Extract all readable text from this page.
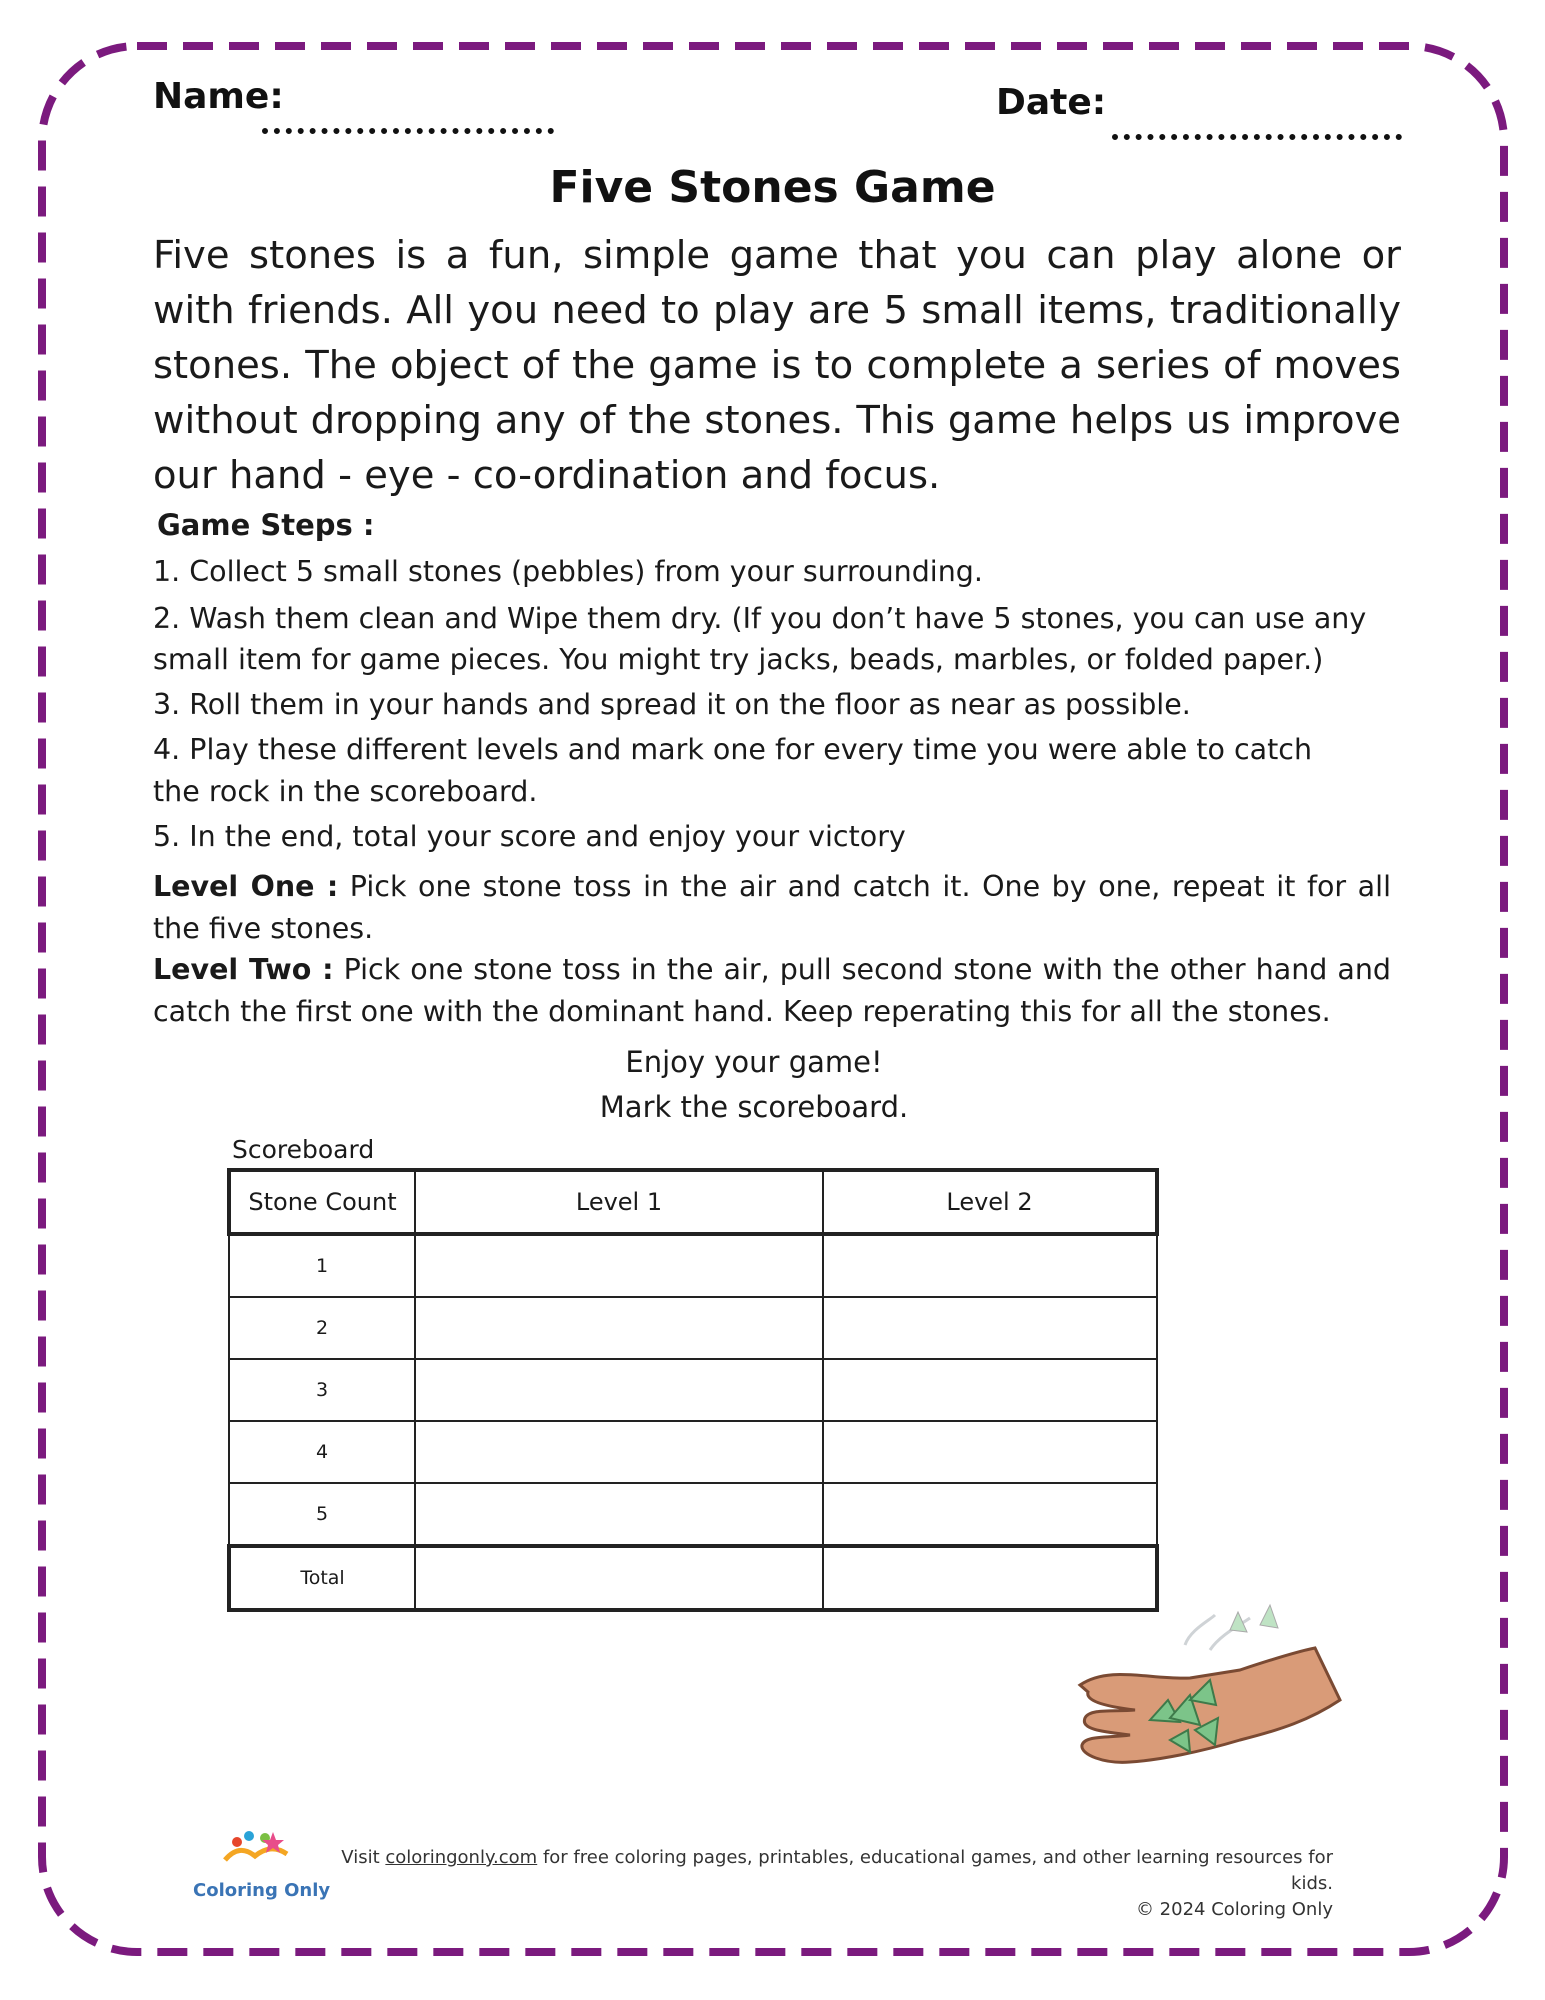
Name:	Date:
Five Stones Game
Five stones is a fun, simple game that you can play alone or with friends. All you need to play are 5 small items, traditionally stones. The object of the game is to complete a series of moves without dropping any of the stones. This game helps us improve our hand - eye - co-ordination and focus.
Game Steps :
1. Collect 5 small stones (pebbles) from your surrounding.
2. Wash them clean and Wipe them dry. (If you don’t have 5 stones, you can use any
small item for game pieces. You might try jacks, beads, marbles, or folded paper.)
3. Roll them in your hands and spread it on the floor as near as possible.
4. Play these different levels and mark one for every time you were able to catch
the rock in the scoreboard.
5. In the end, total your score and enjoy your victory
Level One : Pick one stone toss in the air and catch it. One by one, repeat it for all the five stones.
Level Two : Pick one stone toss in the air, pull second stone with the other hand and catch the first one with the dominant hand. Keep reperating this for all the stones.
Enjoy your game!
Mark the scoreboard.
Scoreboard
Stone Count	Level 1	Level 2
1		
2		
3		
4		
5		
Total		
Coloring Only
Visit coloringonly.com for free coloring pages, printables, educational games, and other learning resources for kids.
© 2024 Coloring Only
